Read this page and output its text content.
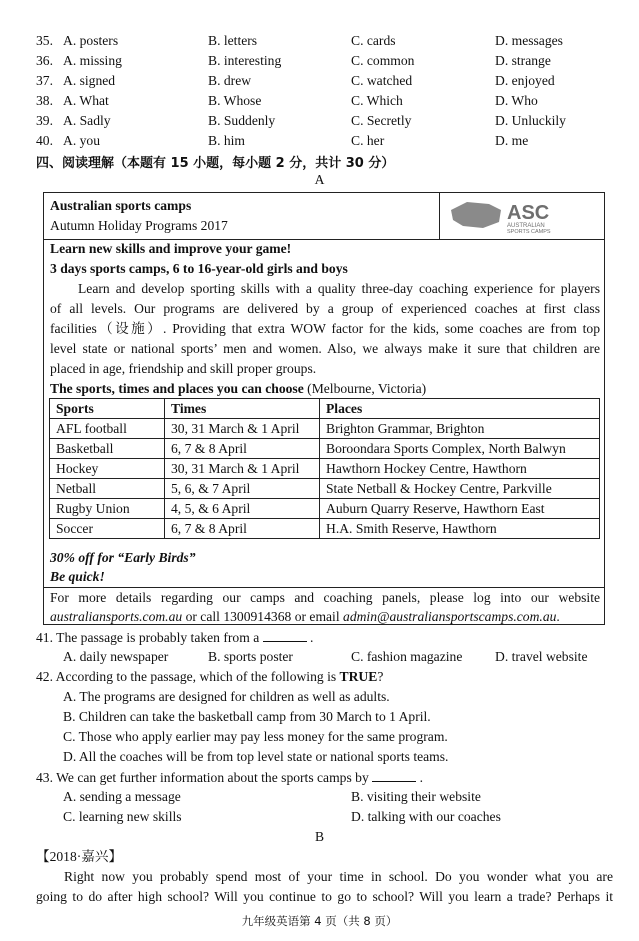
35. A. posters	B. letters	C. cards	D. messages
36. A. missing	B. interesting	C. common	D. strange
37. A. signed	B. drew	C. watched	D. enjoyed
38. A. What	B. Whose	C. Which	D. Who
39. A. Sadly	B. Suddenly	C. Secretly	D. Unluckily
40. A. you	B. him	C. her	D. me
四、阅读理解（本题有 15 小题，每小题 2 分，共计 30 分）
A
Australian sports camps
Autumn Holiday Programs 2017
ASC
AUSTRALIAN
SPORTS CAMPS
Learn new skills and improve your game!
3 days sports camps, 6 to 16-year-old girls and boys
Learn and develop sporting skills with a quality three-day coaching experience for players
of all levels. Our programs are delivered by a group of experienced coaches at first class
facilities（设施）. Providing that extra WOW factor for the kids, some coaches are from top
level state or national sports’ men and women. Also, we always make it sure that children are
placed in age, friendship and skill proper groups.
The sports, times and places you can choose (Melbourne, Victoria)
Sports	Times	Places
AFL football	30, 31 March & 1 April	Brighton Grammar, Brighton
Basketball	6, 7 & 8 April	Boroondara Sports Complex, North Balwyn
Hockey	30, 31 March & 1 April	Hawthorn Hockey Centre, Hawthorn
Netball	5, 6, & 7 April	State Netball & Hockey Centre, Parkville
Rugby Union	4, 5, & 6 April	Auburn Quarry Reserve, Hawthorn East
Soccer	6, 7 & 8 April	H.A. Smith Reserve, Hawthorn
30% off for “Early Birds”
Be quick!
For more details regarding our camps and coaching panels, please log into our website
australiansports.com.au or call 1300914368 or email admin@australiansportscamps.com.au.
41. The passage is probably taken from a	.
A. daily newspaper	B. sports poster	C. fashion magazine D. travel website
42. According to the passage, which of the following is TRUE?
A. The programs are designed for children as well as adults.
B. Children can take the basketball camp from 30 March to 1 April.
C. Those who apply earlier may pay less money for the same program.
D. All the coaches will be from top level state or national sports teams.
43. We can get further information about the sports camps by	.
A. sending a message	B. visiting their website
C. learning new skills	D. talking with our coaches
B
【2018·嘉兴】
Right now you probably spend most of your time in school. Do you wonder what you are
going to do after high school? Will you continue to go to school? Will you learn a trade? Perhaps it
九年级英语第 4 页（共 8 页）
